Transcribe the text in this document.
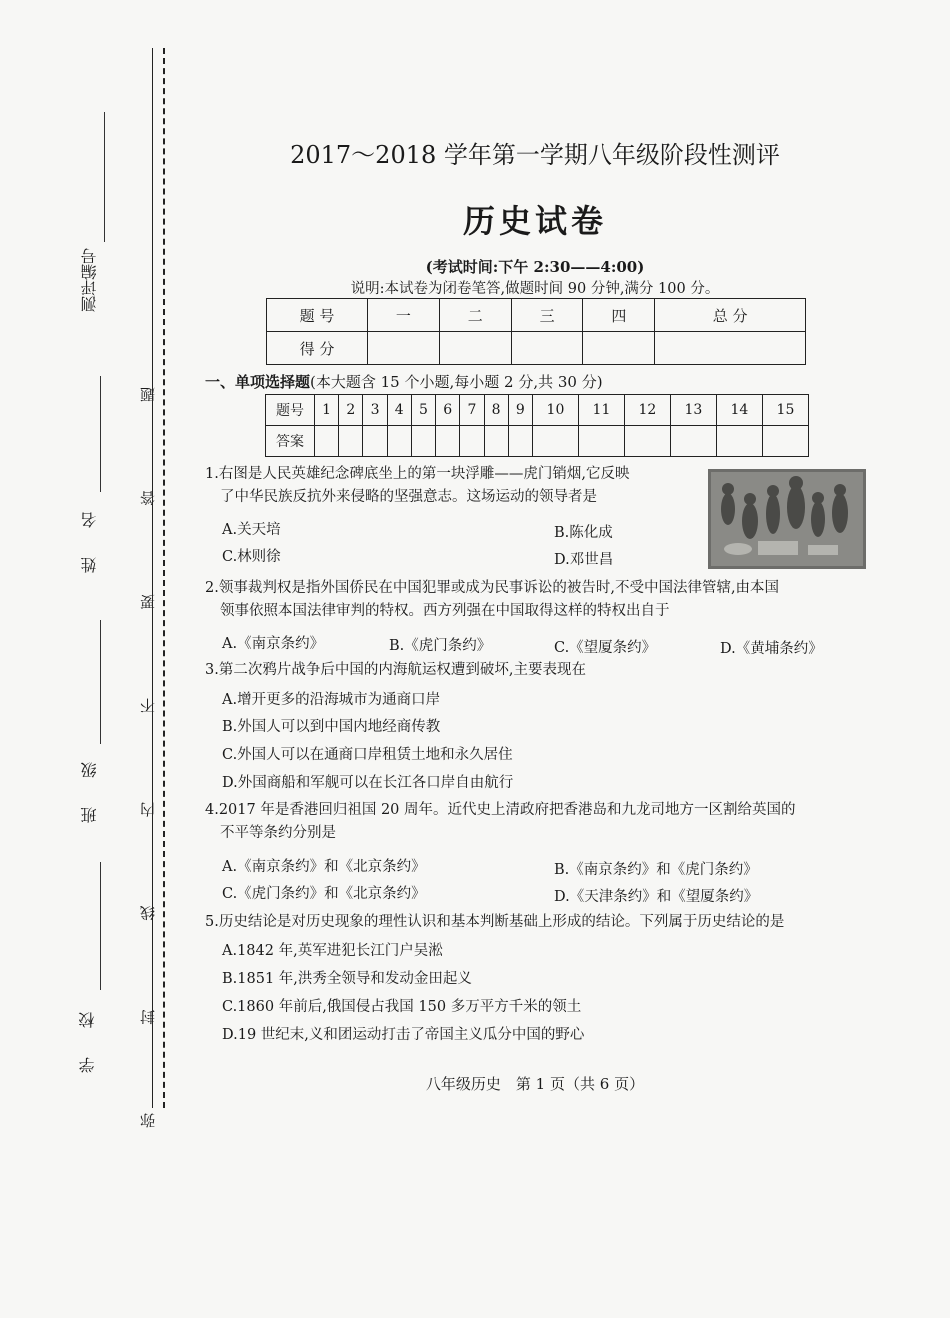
测评编号
姓 名
班 级
学 校	弥 封 线 内 不 要 答 题
2017～2018 学年第一学期八年级阶段性测评
历史试卷
(考试时间:下午 2:30——4:00)
说明:本试卷为闭卷笔答,做题时间 90 分钟,满分 100 分。
题 号	一	二	三	四	总 分
得 分					
一、单项选择题(本大题含 15 个小题,每小题 2 分,共 30 分)
题号	1	2	3	4	5	6	7	8	9	10	11	12	13	14	15
答案															
1.右图是人民英雄纪念碑底坐上的第一块浮雕——虎门销烟,它反映
了中华民族反抗外来侵略的坚强意志。这场运动的领导者是
A.关天培	B.陈化成
C.林则徐	D.邓世昌
2.领事裁判权是指外国侨民在中国犯罪或成为民事诉讼的被告时,不受中国法律管辖,由本国
领事依照本国法律审判的特权。西方列强在中国取得这样的特权出自于
A.《南京条约》	B.《虎门条约》	C.《望厦条约》	D.《黄埔条约》
3.第二次鸦片战争后中国的内海航运权遭到破坏,主要表现在
A.增开更多的沿海城市为通商口岸
B.外国人可以到中国内地经商传教
C.外国人可以在通商口岸租赁土地和永久居住
D.外国商船和军舰可以在长江各口岸自由航行
4.2017 年是香港回归祖国 20 周年。近代史上清政府把香港岛和九龙司地方一区割给英国的
不平等条约分别是
A.《南京条约》和《北京条约》	B.《南京条约》和《虎门条约》
C.《虎门条约》和《北京条约》	D.《天津条约》和《望厦条约》
5.历史结论是对历史现象的理性认识和基本判断基础上形成的结论。下列属于历史结论的是
A.1842 年,英军进犯长江门户吴淞
B.1851 年,洪秀全领导和发动金田起义
C.1860 年前后,俄国侵占我国 150 多万平方千米的领土
D.19 世纪末,义和团运动打击了帝国主义瓜分中国的野心
八年级历史　第 1 页（共 6 页）
